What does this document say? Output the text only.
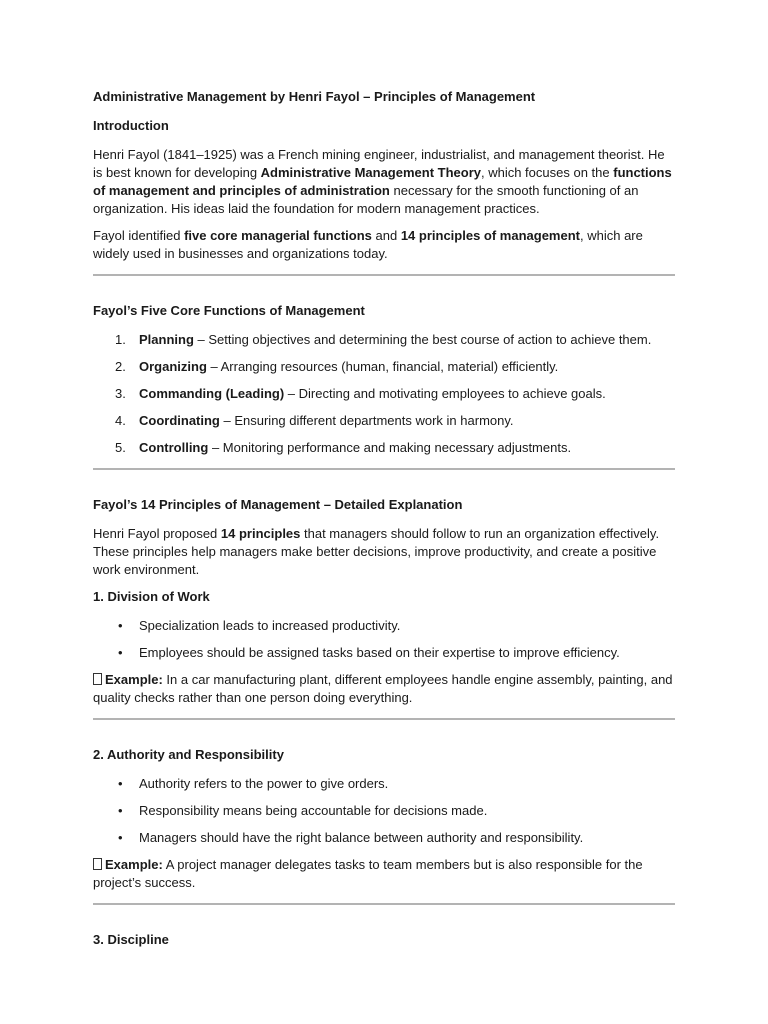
Administrative Management by Henri Fayol – Principles of Management

Introduction

Henri Fayol (1841–1925) was a French mining engineer, industrialist, and management theorist. He is best known for developing Administrative Management Theory, which focuses on the functions of management and principles of administration necessary for the smooth functioning of an organization. His ideas laid the foundation for modern management practices.

Fayol identified five core managerial functions and 14 principles of management, which are widely used in businesses and organizations today.

Fayol’s Five Core Functions of Management

1. Planning – Setting objectives and determining the best course of action to achieve them.
2. Organizing – Arranging resources (human, financial, material) efficiently.
3. Commanding (Leading) – Directing and motivating employees to achieve goals.
4. Coordinating – Ensuring different departments work in harmony.
5. Controlling – Monitoring performance and making necessary adjustments.

Fayol’s 14 Principles of Management – Detailed Explanation

Henri Fayol proposed 14 principles that managers should follow to run an organization effectively. These principles help managers make better decisions, improve productivity, and create a positive work environment.

1. Division of Work

• Specialization leads to increased productivity.
• Employees should be assigned tasks based on their expertise to improve efficiency.

Example: In a car manufacturing plant, different employees handle engine assembly, painting, and quality checks rather than one person doing everything.

2. Authority and Responsibility

• Authority refers to the power to give orders.
• Responsibility means being accountable for decisions made.
• Managers should have the right balance between authority and responsibility.

Example: A project manager delegates tasks to team members but is also responsible for the project’s success.

3. Discipline
